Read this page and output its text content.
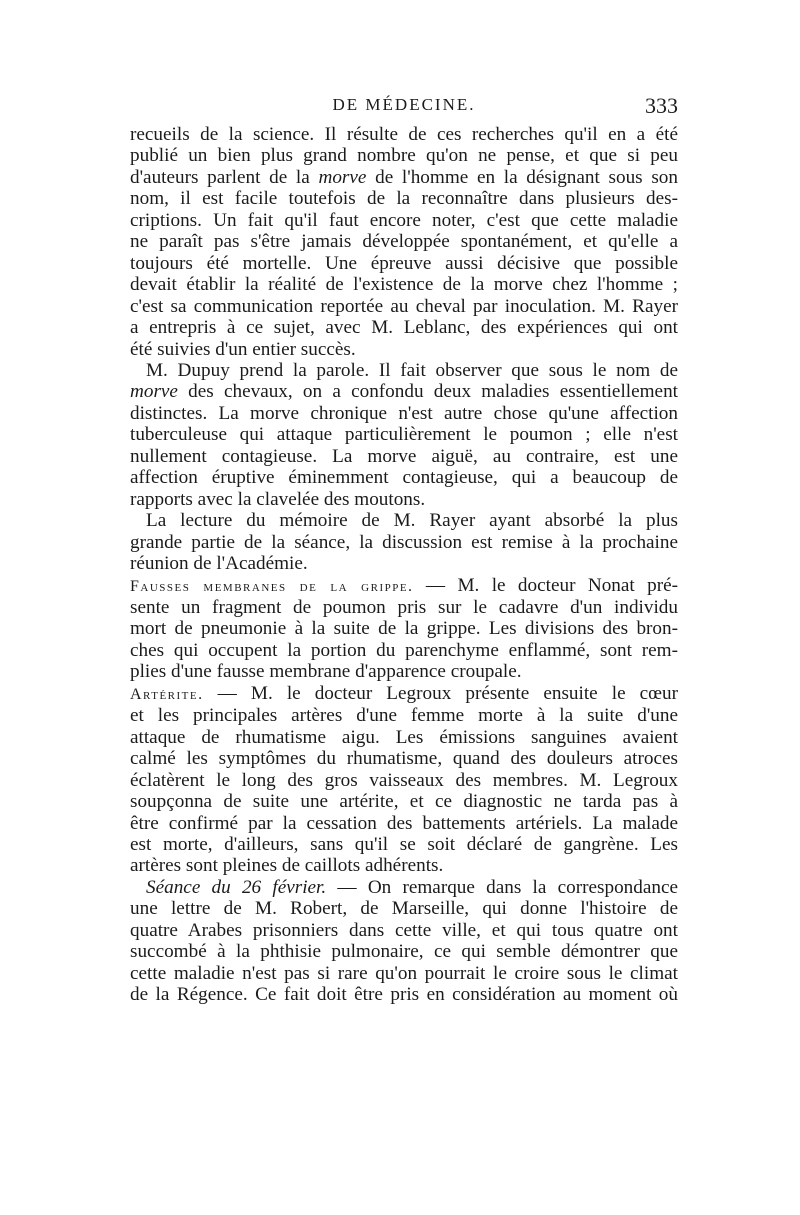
DE MÉDECINE.	333

recueils de la science. Il résulte de ces recherches qu'il en a été
publié un bien plus grand nombre qu'on ne pense, et que si peu
d'auteurs parlent de la morve de l'homme en la désignant sous son
nom, il est facile toutefois de la reconnaître dans plusieurs des-
criptions. Un fait qu'il faut encore noter, c'est que cette maladie
ne paraît pas s'être jamais développée spontanément, et qu'elle a
toujours été mortelle. Une épreuve aussi décisive que possible
devait établir la réalité de l'existence de la morve chez l'homme ;
c'est sa communication reportée au cheval par inoculation. M. Rayer
a entrepris à ce sujet, avec M. Leblanc, des expériences qui ont
été suivies d'un entier succès.

M. Dupuy prend la parole. Il fait observer que sous le nom de
morve des chevaux, on a confondu deux maladies essentiellement
distinctes. La morve chronique n'est autre chose qu'une affection
tuberculeuse qui attaque particulièrement le poumon ; elle n'est
nullement contagieuse. La morve aiguë, au contraire, est une
affection éruptive éminemment contagieuse, qui a beaucoup de
rapports avec la clavelée des moutons.

La lecture du mémoire de M. Rayer ayant absorbé la plus
grande partie de la séance, la discussion est remise à la prochaine
réunion de l'Académie.

Fausses membranes de la grippe. — M. le docteur Nonat pré-
sente un fragment de poumon pris sur le cadavre d'un individu
mort de pneumonie à la suite de la grippe. Les divisions des bron-
ches qui occupent la portion du parenchyme enflammé, sont rem-
plies d'une fausse membrane d'apparence croupale.

Artérite. — M. le docteur Legroux présente ensuite le cœur
et les principales artères d'une femme morte à la suite d'une
attaque de rhumatisme aigu. Les émissions sanguines avaient
calmé les symptômes du rhumatisme, quand des douleurs atroces
éclatèrent le long des gros vaisseaux des membres. M. Legroux
soupçonna de suite une artérite, et ce diagnostic ne tarda pas à
être confirmé par la cessation des battements artériels. La malade
est morte, d'ailleurs, sans qu'il se soit déclaré de gangrène. Les
artères sont pleines de caillots adhérents.

Séance du 26 février. — On remarque dans la correspondance
une lettre de M. Robert, de Marseille, qui donne l'histoire de
quatre Arabes prisonniers dans cette ville, et qui tous quatre ont
succombé à la phthisie pulmonaire, ce qui semble démontrer que
cette maladie n'est pas si rare qu'on pourrait le croire sous le climat
de la Régence. Ce fait doit être pris en considération au moment où
